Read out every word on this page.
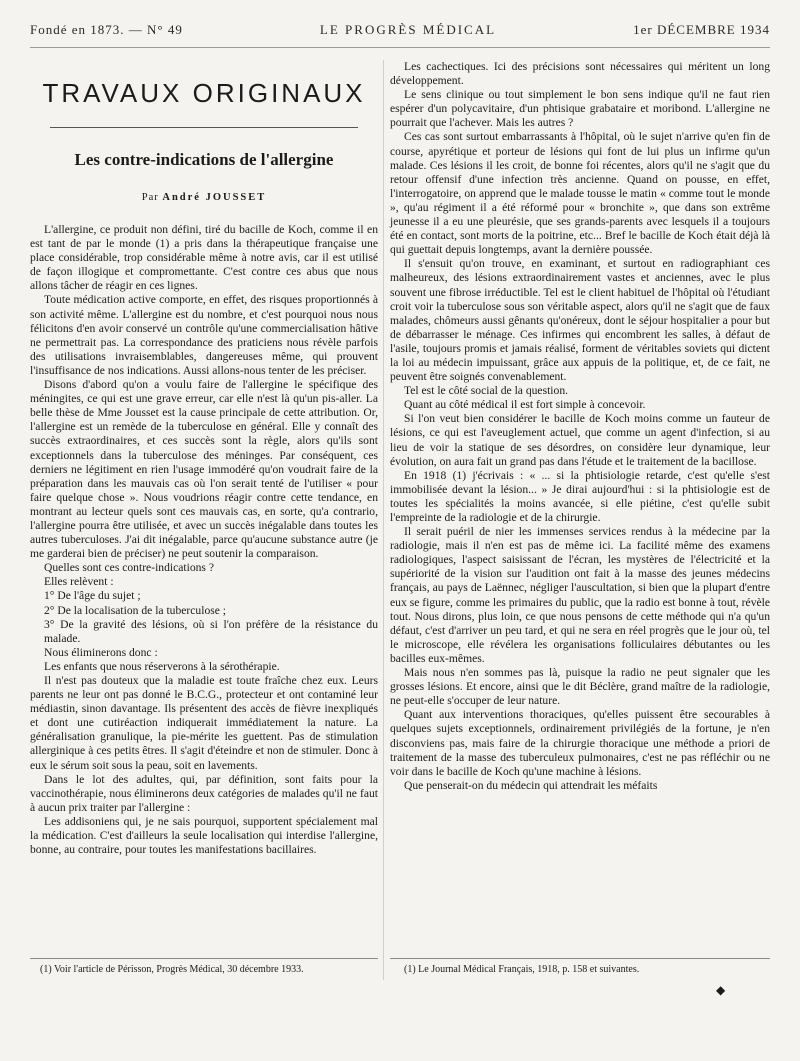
Fondé en 1873. — N° 49	LE PROGRÈS MÉDICAL	1er DÉCEMBRE 1934
TRAVAUX ORIGINAUX
Les contre-indications de l'allergine
Par André JOUSSET

L'allergine, ce produit non défini, tiré du bacille de Koch, comme il en est tant de par le monde (1) a pris dans la thérapeutique française une place considérable, trop considérable même à notre avis, car il est utilisé de façon illogique et compromettante. C'est contre ces abus que nous allons tâcher de réagir en ces lignes.

Toute médication active comporte, en effet, des risques proportionnés à son activité même. L'allergine est du nombre, et c'est pourquoi nous nous félicitons d'en avoir conservé un contrôle qu'une commercialisation hâtive ne permettrait pas. La correspondance des praticiens nous révèle parfois des utilisations invraisemblables, dangereuses même, qui prouvent l'insuffisance de nos indications. Aussi allons-nous tenter de les préciser.

Disons d'abord qu'on a voulu faire de l'allergine le spécifique des méningites, ce qui est une grave erreur, car elle n'est là qu'un pis-aller. La belle thèse de Mme Jousset est la cause principale de cette attribution. Or, l'allergine est un remède de la tuberculose en général. Elle y connaît des succès extraordinaires, et ces succès sont la règle, alors qu'ils sont exceptionnels dans la tuberculose des méninges. Par conséquent, ces derniers ne légitiment en rien l'usage immodéré qu'on voudrait faire de la préparation dans les mauvais cas où l'on serait tenté de l'utiliser « pour faire quelque chose ». Nous voudrions réagir contre cette tendance, en montrant au lecteur quels sont ces mauvais cas, en sorte, qu'a contrario, l'allergine pourra être utilisée, et avec un succès inégalable dans toutes les autres tuberculoses. J'ai dit inégalable, parce qu'aucune substance autre (je me garderai bien de préciser) ne peut soutenir la comparaison.

Quelles sont ces contre-indications ?

Elles relèvent :

1° De l'âge du sujet ;

2° De la localisation de la tuberculose ;

3° De la gravité des lésions, où si l'on préfère de la résistance du malade.

Nous éliminerons donc :

Les enfants que nous réserverons à la sérothérapie.

Il n'est pas douteux que la maladie est toute fraîche chez eux. Leurs parents ne leur ont pas donné le B.C.G., protecteur et ont contaminé leur médiastin, sinon davantage. Ils présentent des accès de fièvre inexpliqués et dont une cutiréaction indiquerait immédiatement la nature. La généralisation granulique, la pie-mérite les guettent. Pas de stimulation allerginique à ces petits êtres. Il s'agit d'éteindre et non de stimuler. Donc à eux le sérum soit sous la peau, soit en lavements.

Dans le lot des adultes, qui, par définition, sont faits pour la vaccinothérapie, nous éliminerons deux catégories de malades qu'il ne faut à aucun prix traiter par l'allergine :

Les addisoniens qui, je ne sais pourquoi, supportent spécialement mal la médication. C'est d'ailleurs la seule localisation qui interdise l'allergine, bonne, au contraire, pour toutes les manifestations bacillaires.

Les cachectiques. Ici des précisions sont nécessaires qui méritent un long développement.

Le sens clinique ou tout simplement le bon sens indique qu'il ne faut rien espérer d'un polycavitaire, d'un phtisique grabataire et moribond. L'allergine ne pourrait que l'achever. Mais les autres ?

Ces cas sont surtout embarrassants à l'hôpital, où le sujet n'arrive qu'en fin de course, apyrétique et porteur de lésions qui font de lui plus un infirme qu'un malade. Ces lésions il les croit, de bonne foi récentes, alors qu'il ne s'agit que du retour offensif d'une infection très ancienne. Quand on pousse, en effet, l'interrogatoire, on apprend que le malade tousse le matin « comme tout le monde », qu'au régiment il a été réformé pour « bronchite », que dans son extrême jeunesse il a eu une pleurésie, que ses grands-parents avec lesquels il a toujours été en contact, sont morts de la poitrine, etc... Bref le bacille de Koch était déjà là qui guettait depuis longtemps, avant la dernière poussée.

Il s'ensuit qu'on trouve, en examinant, et surtout en radiographiant ces malheureux, des lésions extraordinairement vastes et anciennes, avec le plus souvent une fibrose irréductible. Tel est le client habituel de l'hôpital où l'étudiant croit voir la tuberculose sous son véritable aspect, alors qu'il ne s'agit que de faux malades, chômeurs aussi gênants qu'onéreux, dont le séjour hospitalier a pour but de débarrasser le ménage. Ces infirmes qui encombrent les salles, à défaut de l'asile, toujours promis et jamais réalisé, forment de véritables soviets qui dictent la loi au médecin impuissant, grâce aux appuis de la politique, et, de ce fait, ne peuvent être soignés convenablement.

Tel est le côté social de la question.

Quant au côté médical il est fort simple à concevoir.

Si l'on veut bien considérer le bacille de Koch moins comme un fauteur de lésions, ce qui est l'aveuglement actuel, que comme un agent d'infection, si au lieu de voir la statique de ses désordres, on considère leur dynamique, leur évolution, on aura fait un grand pas dans l'étude et le traitement de la bacillose.

En 1918 (1) j'écrivais : « ... si la phtisiologie retarde, c'est qu'elle s'est immobilisée devant la lésion... » Je dirai aujourd'hui : si la phtisiologie est de toutes les spécialités la moins avancée, si elle piétine, c'est qu'elle subit l'empreinte de la radiologie et de la chirurgie.

Il serait puéril de nier les immenses services rendus à la médecine par la radiologie, mais il n'en est pas de même ici. La facilité même des examens radiologiques, l'aspect saisissant de l'écran, les mystères de l'électricité et la supériorité de la vision sur l'audition ont fait à la masse des jeunes médecins français, au pays de Laënnec, négliger l'auscultation, si bien que la plupart d'entre eux se figure, comme les primaires du public, que la radio est bonne à tout, révèle tout. Nous dirons, plus loin, ce que nous pensons de cette méthode qui n'a qu'un défaut, c'est d'arriver un peu tard, et qui ne sera en réel progrès que le jour où, tel le microscope, elle révélera les organisations folliculaires débutantes ou les bacilles eux-mêmes.

Mais nous n'en sommes pas là, puisque la radio ne peut signaler que les grosses lésions. Et encore, ainsi que le dit Béclère, grand maître de la radiologie, ne peut-elle s'occuper de leur nature.

Quant aux interventions thoraciques, qu'elles puissent être secourables à quelques sujets exceptionnels, ordinairement privilégiés de la fortune, je n'en disconviens pas, mais faire de la chirurgie thoracique une méthode a priori de traitement de la masse des tuberculeux pulmonaires, c'est ne pas réfléchir ou ne voir dans le bacille de Koch qu'une machine à lésions.

Que penserait-on du médecin qui attendrait les méfaits

(1) Voir l'article de Périsson, Progrès Médical, 30 décembre 1933.	(1) Le Journal Médical Français, 1918, p. 158 et suivantes.
◆
